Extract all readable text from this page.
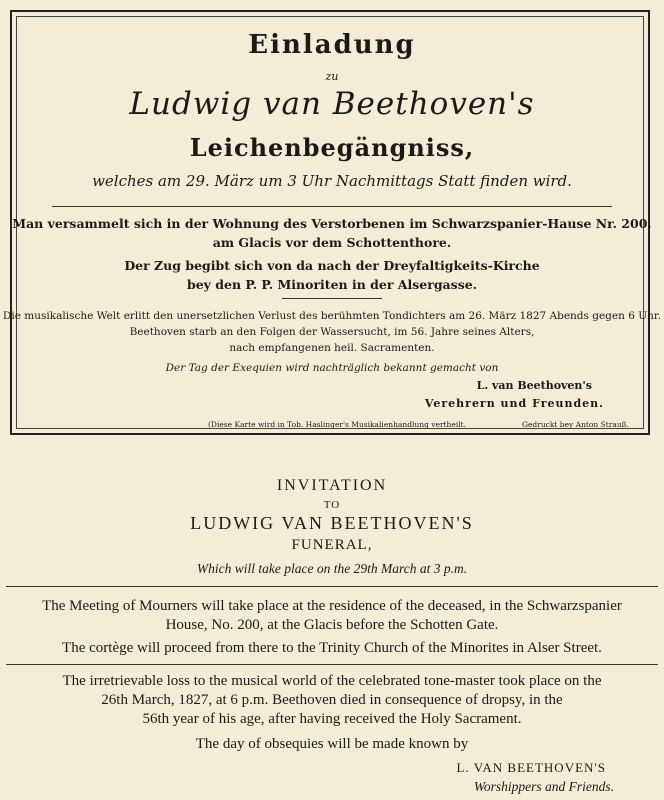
Einladung
zu
Ludwig van Beethoven's
Leichenbegängniss,
welches am 29. März um 3 Uhr Nachmittags Statt finden wird.
Man versammelt sich in der Wohnung des Verstorbenen im Schwarzspanier-Hause Nr. 200,
am Glacis vor dem Schottenthore.
Der Zug begibt sich von da nach der Dreyfaltigkeits-Kirche
bey den P. P. Minoriten in der Alsergasse.
Die musikalische Welt erlitt den unersetzlichen Verlust des berühmten Tondichters am 26. März 1827 Abends gegen 6 Uhr.
Beethoven starb an den Folgen der Wassersucht, im 56. Jahre seines Alters,
nach empfangenen heil. Sacramenten.
Der Tag der Exequien wird nachträglich bekannt gemacht von
L. van Beethoven's
Verehrern und Freunden.
(Diese Karte wird in Tob. Haslinger's Musikalienhandlung vertheilt.	Gedruckt bey Anton Strauß.
INVITATION
TO
LUDWIG VAN BEETHOVEN'S
FUNERAL,
Which will take place on the 29th March at 3 p.m.
The Meeting of Mourners will take place at the residence of the deceased, in the Schwarzspanier
House, No. 200, at the Glacis before the Schotten Gate.
The cortège will proceed from there to the Trinity Church of the Minorites in Alser Street.
The irretrievable loss to the musical world of the celebrated tone-master took place on the
26th March, 1827, at 6 p.m. Beethoven died in consequence of dropsy, in the
56th year of his age, after having received the Holy Sacrament.
The day of obsequies will be made known by
L. VAN BEETHOVEN'S
Worshippers and Friends.
